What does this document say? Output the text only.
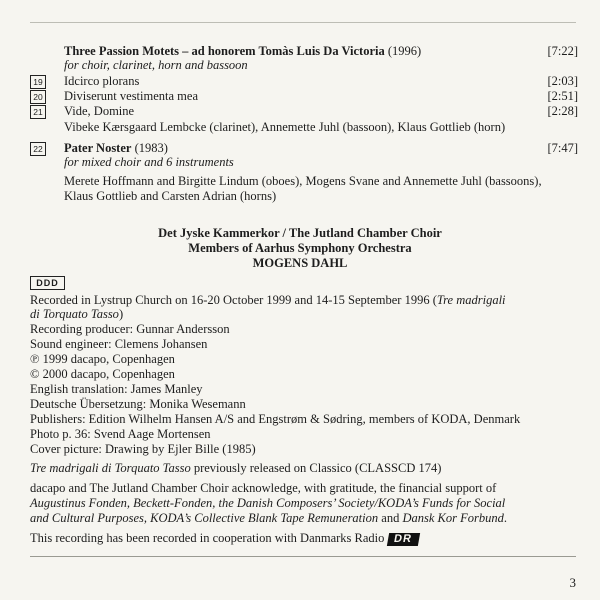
Three Passion Motets – ad honorem Tomàs Luis Da Victoria (1996)	[7:22]
for choir, clarinet, horn and bassoon
19 Idcirco plorans	[2:03]
20 Diviserunt vestimenta mea	[2:51]
21 Vide, Domine	[2:28]
Vibeke Kærsgaard Lembcke (clarinet), Annemette Juhl (bassoon), Klaus Gottlieb (horn)
22 Pater Noster (1983)	[7:47]
for mixed choir and 6 instruments
Merete Hoffmann and Birgitte Lindum (oboes), Mogens Svane and Annemette Juhl (bassoons),
Klaus Gottlieb and Carsten Adrian (horns)
Det Jyske Kammerkor / The Jutland Chamber Choir
Members of Aarhus Symphony Orchestra
MOGENS DAHL
DDD
Recorded in Lystrup Church on 16-20 October 1999 and 14-15 September 1996 (Tre madrigali
di Torquato Tasso)
Recording producer: Gunnar Andersson
Sound engineer: Clemens Johansen
℗ 1999 dacapo, Copenhagen
© 2000 dacapo, Copenhagen
English translation: James Manley
Deutsche Übersetzung: Monika Wesemann
Publishers: Edition Wilhelm Hansen A/S and Engstrøm & Sødring, members of KODA, Denmark
Photo p. 36: Svend Aage Mortensen
Cover picture: Drawing by Ejler Bille (1985)
Tre madrigali di Torquato Tasso previously released on Classico (CLASSCD 174)
dacapo and The Jutland Chamber Choir acknowledge, with gratitude, the financial support of
Augustinus Fonden, Beckett-Fonden, the Danish Composers’ Society/KODA’s Funds for Social
and Cultural Purposes, KODA’s Collective Blank Tape Remuneration and Dansk Kor Forbund.
This recording has been recorded in cooperation with Danmarks Radio DR
3
